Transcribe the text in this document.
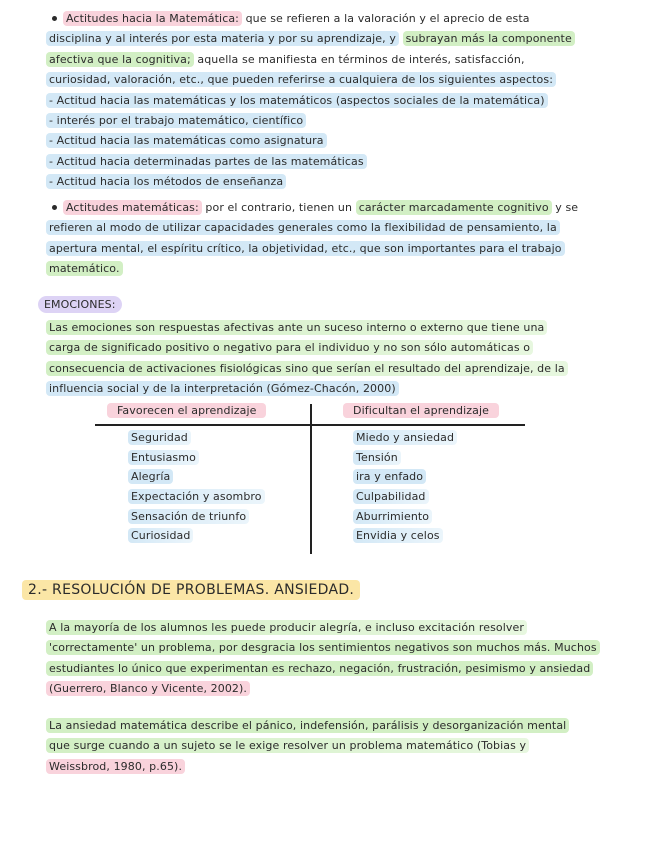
Actitudes hacia la Matemática: que se refieren a la valoración y el aprecio de esta
disciplina y al interés por esta materia y por su aprendizaje, y subrayan más la componente
afectiva que la cognitiva; aquella se manifiesta en términos de interés, satisfacción,
curiosidad, valoración, etc., que pueden referirse a cualquiera de los siguientes aspectos:
- Actitud hacia las matemáticas y los matemáticos (aspectos sociales de la matemática)
- interés por el trabajo matemático, científico
- Actitud hacia las matemáticas como asignatura
- Actitud hacia determinadas partes de las matemáticas
- Actitud hacia los métodos de enseñanza
Actitudes matemáticas: por el contrario, tienen un carácter marcadamente cognitivo y se
refieren al modo de utilizar capacidades generales como la flexibilidad de pensamiento, la
apertura mental, el espíritu crítico, la objetividad, etc., que son importantes para el trabajo
matemático.
EMOCIONES:
Las emociones son respuestas afectivas ante un suceso interno o externo que tiene una
carga de significado positivo o negativo para el individuo y no son sólo automáticas o
consecuencia de activaciones fisiológicas sino que serían el resultado del aprendizaje, de la
influencia social y de la interpretación (Gómez-Chacón, 2000)
Favorecen el aprendizaje	Dificultan el aprendizaje
Seguridad
Entusiasmo
Alegría
Expectación y asombro
Sensación de triunfo
Curiosidad
Miedo y ansiedad
Tensión
ira y enfado
Culpabilidad
Aburrimiento
Envidia y celos
2.- RESOLUCIÓN DE PROBLEMAS. ANSIEDAD.
A la mayoría de los alumnos les puede producir alegría, e incluso excitación resolver
'correctamente' un problema, por desgracia los sentimientos negativos son muchos más. Muchos
estudiantes lo único que experimentan es rechazo, negación, frustración, pesimismo y ansiedad
(Guerrero, Blanco y Vicente, 2002).
La ansiedad matemática describe el pánico, indefensión, parálisis y desorganización mental
que surge cuando a un sujeto se le exige resolver un problema matemático (Tobias y
Weissbrod, 1980, p.65).
